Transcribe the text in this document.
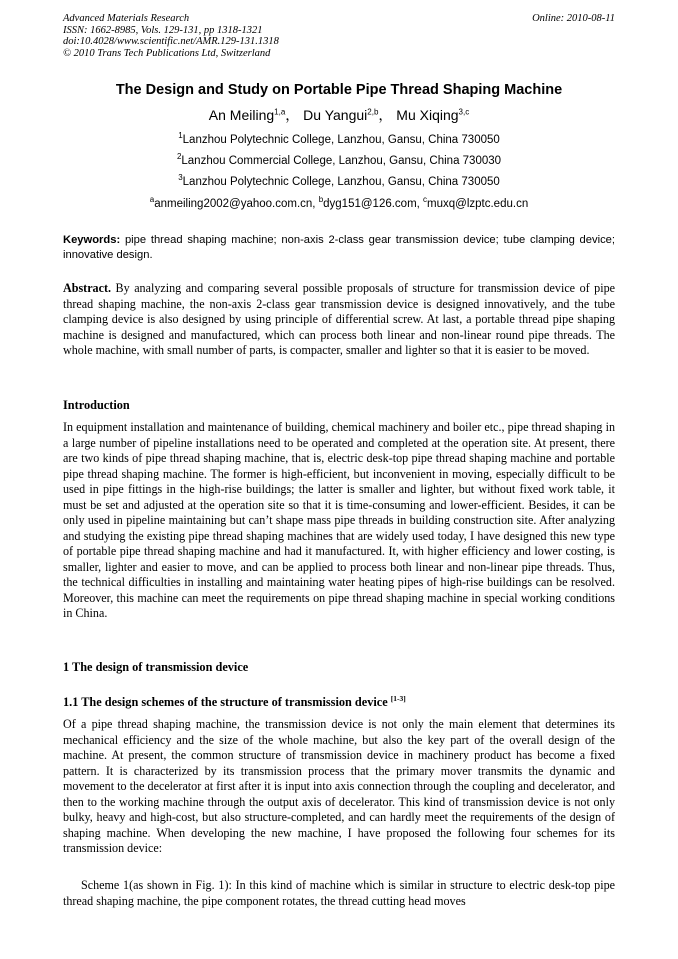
Advanced Materials Research
ISSN: 1662-8985, Vols. 129-131, pp 1318-1321
doi:10.4028/www.scientific.net/AMR.129-131.1318
© 2010 Trans Tech Publications Ltd, Switzerland
Online: 2010-08-11
The Design and Study on Portable Pipe Thread Shaping Machine
An Meiling$^{1,a}$， Du Yangui$^{2,b}$， Mu Xiqing$^{3,c}$
$^1$Lanzhou Polytechnic College, Lanzhou, Gansu, China 730050
$^2$Lanzhou Commercial College, Lanzhou, Gansu, China 730030
$^3$Lanzhou Polytechnic College, Lanzhou, Gansu, China 730050
$^a$anmeiling2002@yahoo.com.cn, $^b$dyg151@126.com, $^c$muxq@lzptc.edu.cn
Keywords: pipe thread shaping machine; non-axis 2-class gear transmission device; tube clamping device; innovative design.
Abstract. By analyzing and comparing several possible proposals of structure for transmission device of pipe thread shaping machine, the non-axis 2-class gear transmission device is designed innovatively, and the tube clamping device is also designed by using principle of differential screw. At last, a portable thread pipe shaping machine is designed and manufactured, which can process both linear and non-linear round pipe threads. The whole machine, with small number of parts, is compacter, smaller and lighter so that it is easier to be moved.
Introduction
In equipment installation and maintenance of building, chemical machinery and boiler etc., pipe thread shaping in a large number of pipeline installations need to be operated and completed at the operation site. At present, there are two kinds of pipe thread shaping machine, that is, electric desk-top pipe thread shaping machine and portable pipe thread shaping machine. The former is high-efficient, but inconvenient in moving, especially difficult to be used in pipe fittings in the high-rise buildings; the latter is smaller and lighter, but without fixed work table, it must be set and adjusted at the operation site so that it is time-consuming and lower-efficient. Besides, it can be only used in pipeline maintaining but can’t shape mass pipe threads in building construction site. After analyzing and studying the existing pipe thread shaping machines that are widely used today, I have designed this new type of portable pipe thread shaping machine and had it manufactured. It, with higher efficiency and lower costing, is smaller, lighter and easier to move, and can be applied to process both linear and non-linear pipe threads. Thus, the technical difficulties in installing and maintaining water heating pipes of high-rise buildings can be resolved. Moreover, this machine can meet the requirements on pipe thread shaping machine in special working conditions in China.
1 The design of transmission device
1.1 The design schemes of the structure of transmission device [1-3]
Of a pipe thread shaping machine, the transmission device is not only the main element that determines its mechanical efficiency and the size of the whole machine, but also the key part of the overall design of the machine. At present, the common structure of transmission device in machinery product has become a fixed pattern. It is characterized by its transmission process that the primary mover transmits the dynamic and movement to the decelerator at first after it is input into axis connection through the coupling and decelerator, and then to the working machine through the output axis of decelerator. This kind of transmission device is not only bulky, heavy and high-cost, but also structure-completed, and can hardly meet the requirements of the design of shaping machine. When developing the new machine, I have proposed the following four schemes for its transmission device:
Scheme 1(as shown in Fig. 1): In this kind of machine which is similar in structure to electric desk-top pipe thread shaping machine, the pipe component rotates, the thread cutting head moves
